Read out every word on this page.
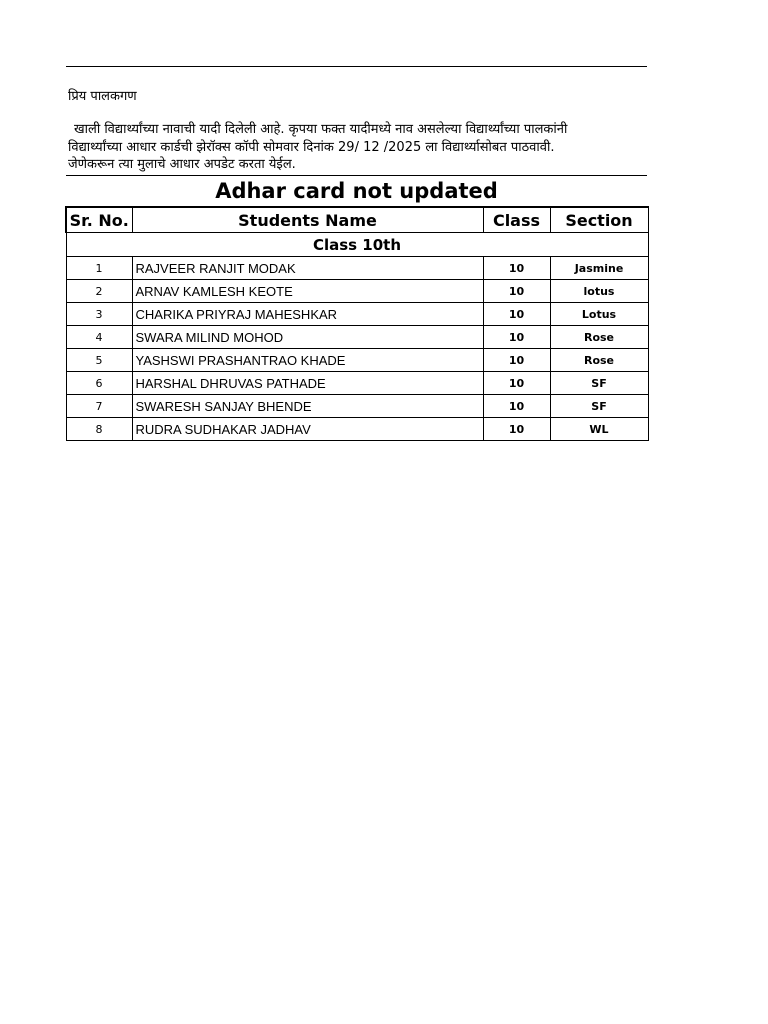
प्रिय पालकगण
खाली विद्यार्थ्यांच्या नावाची यादी दिलेली आहे. कृपया फक्त यादीमध्ये नाव असलेल्या विद्यार्थ्यांच्या पालकांनी
विद्यार्थ्यांच्या आधार कार्डची झेरॉक्स कॉपी सोमवार दिनांक 29/ 12 /2025 ला विद्यार्थ्यासोबत पाठवावी.
जेणेकरून त्या मुलाचे आधार अपडेट करता येईल.
Adhar card not updated
Sr. No.	Students Name	Class	Section
Class 10th			
1	RAJVEER RANJIT MODAK	10	Jasmine
2	ARNAV KAMLESH KEOTE	10	lotus
3	CHARIKA PRIYRAJ MAHESHKAR	10	Lotus
4	SWARA MILIND MOHOD	10	Rose
5	YASHSWI PRASHANTRAO KHADE	10	Rose
6	HARSHAL DHRUVAS PATHADE	10	SF
7	SWARESH SANJAY BHENDE	10	SF
8	RUDRA SUDHAKAR JADHAV	10	WL
